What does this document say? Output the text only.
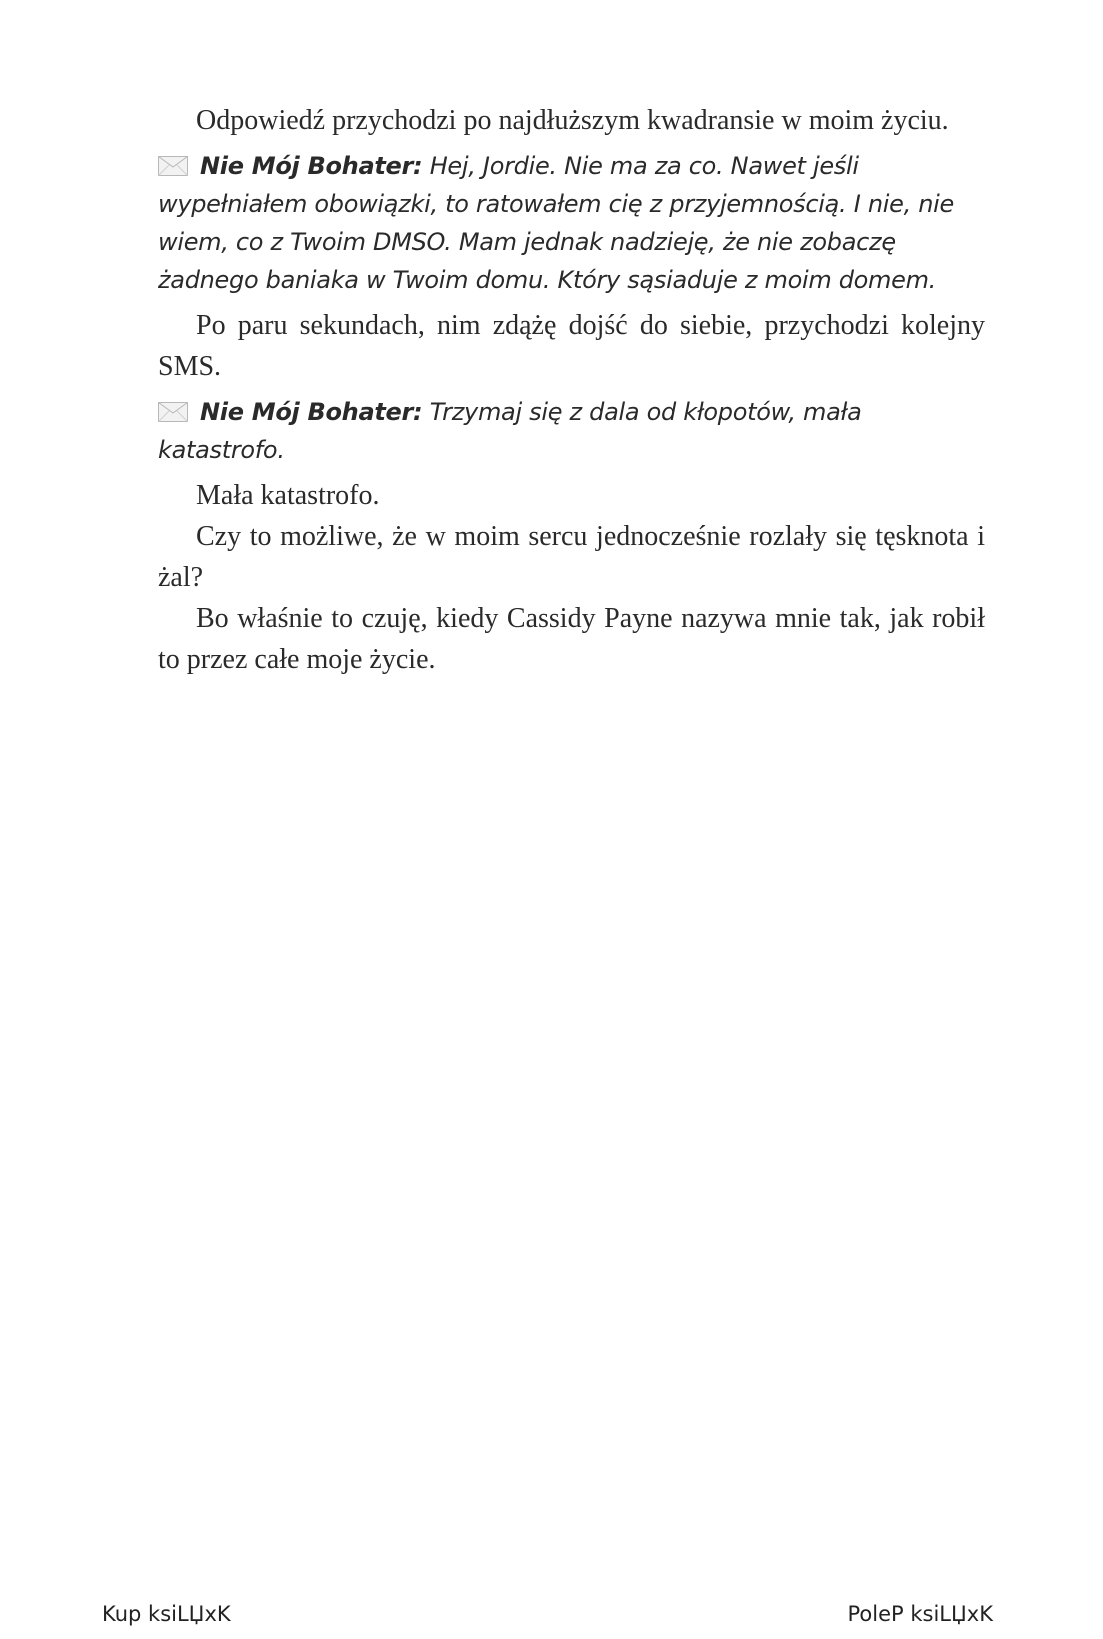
Odpowiedź przychodzi po najdłuższym kwadransie w moim życiu.

Nie Mój Bohater: Hej, Jordie. Nie ma za co. Nawet jeśli wypełniałem obowiązki, to ratowałem cię z przyjemnością. I nie, nie wiem, co z Twoim DMSO. Mam jednak nadzieję, że nie zobaczę żadnego baniaka w Twoim domu. Który sąsiaduje z moim domem.

Po paru sekundach, nim zdążę dojść do siebie, przychodzi kolejny SMS.

Nie Mój Bohater: Trzymaj się z dala od kłopotów, mała katastrofo.

Mała katastrofo.

Czy to możliwe, że w moim sercu jednocześnie rozlały się tęsknota i żal?

Bo właśnie to czuję, kiedy Cassidy Payne nazywa mnie tak, jak robił to przez całe moje życie.

Kup ksiLЏxK	PoleP ksiLЏxK
